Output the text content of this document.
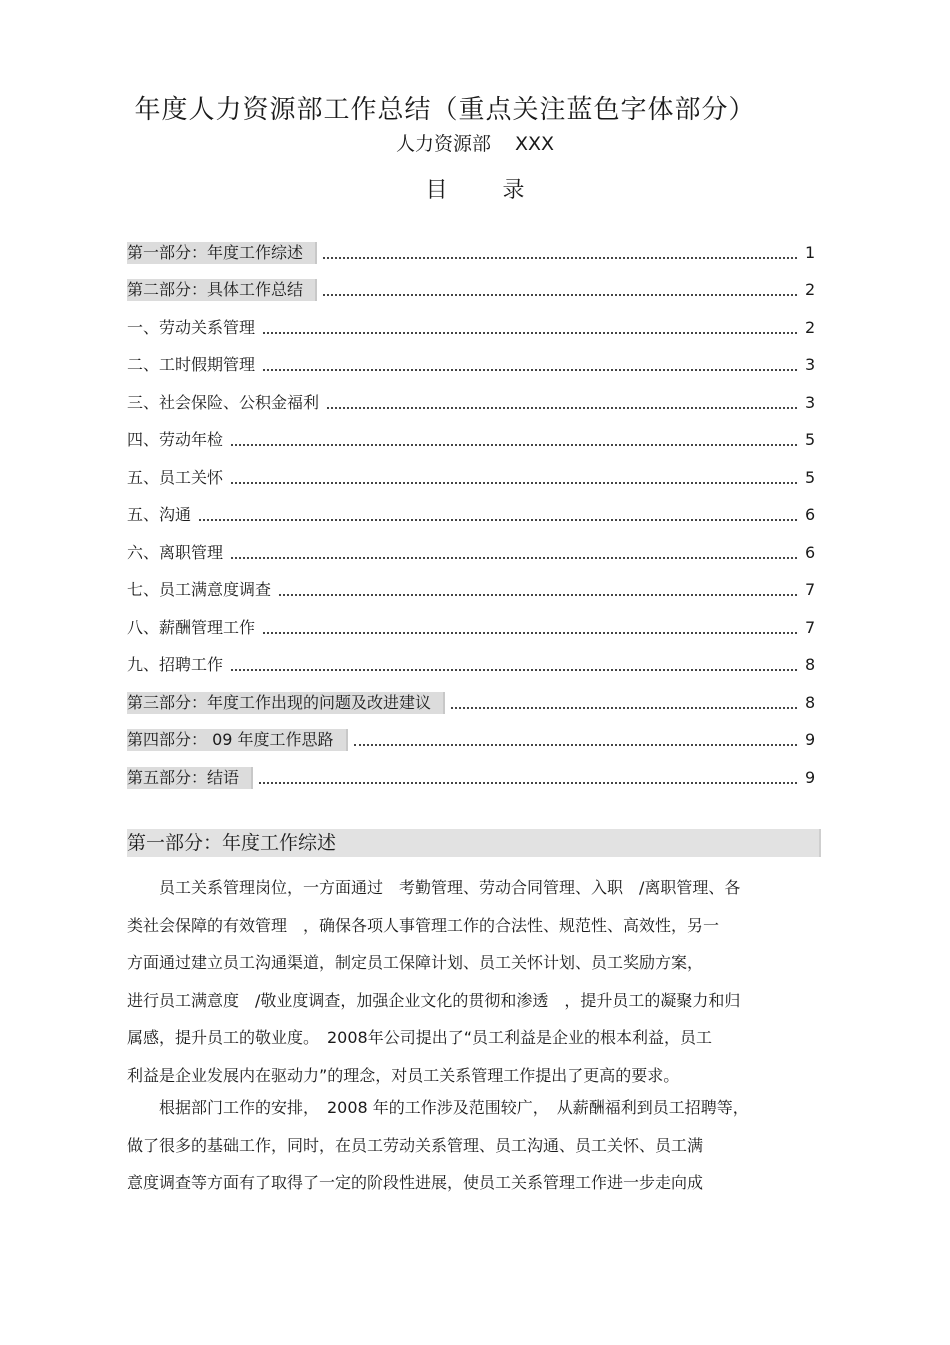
年度人力资源部工作总结（重点关注蓝色字体部分）
人力资源部 XXX
目	录
第一部分：年度工作综述	1
第二部分：具体工作总结	2
一、劳动关系管理	2
二、工时假期管理	3
三、社会保险、公积金福利	3
四、劳动年检	5
五、员工关怀	5
五、沟通	6
六、离职管理	6
七、员工满意度调查	7
八、薪酬管理工作	7
九、招聘工作	8
第三部分：年度工作出现的问题及改进建议	8
第四部分： 09 年度工作思路	9
第五部分：结语	9
第一部分：年度工作综述
　　员工关系管理岗位，一方面通过　考勤管理、劳动合同管理、入职　/离职管理、各
类社会保障的有效管理　，确保各项人事管理工作的合法性、规范性、高效性，另一
方面通过建立员工沟通渠道，制定员工保障计划、员工关怀计划、员工奖励方案，
进行员工满意度　/敬业度调查，加强企业文化的贯彻和渗透　，提升员工的凝聚力和归
属感，提升员工的敬业度。　2008年公司提出了“员工利益是企业的根本利益，员工
利益是企业发展内在驱动力”的理念，对员工关系管理工作提出了更高的要求。
　　根据部门工作的安排，　2008 年的工作涉及范围较广，　从薪酬福利到员工招聘等，
做了很多的基础工作，同时，在员工劳动关系管理、员工沟通、员工关怀、员工满
意度调查等方面有了取得了一定的阶段性进展，使员工关系管理工作进一步走向成
